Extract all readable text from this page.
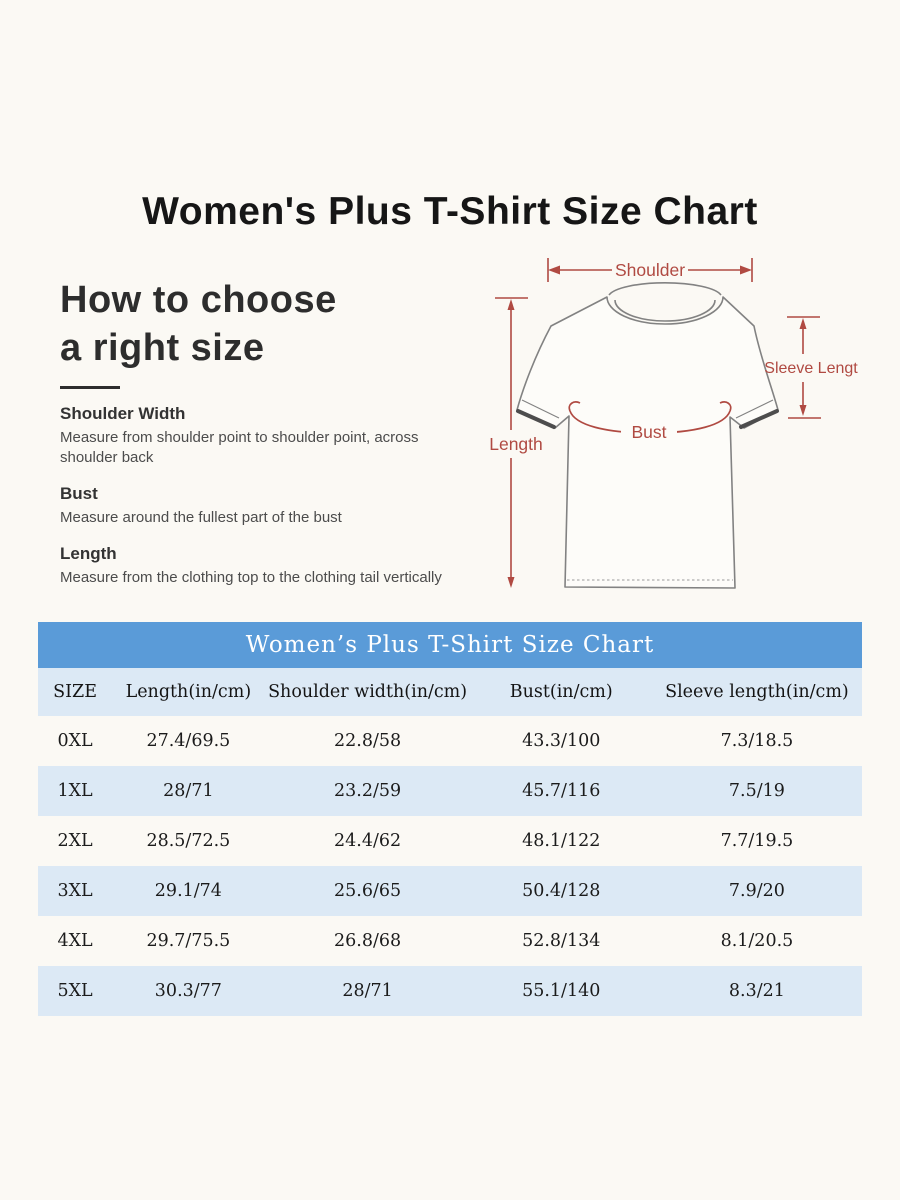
Women's Plus T-Shirt Size Chart
How to choose
a right size
Shoulder Width

Measure from shoulder point to shoulder point, across shoulder back

Bust

Measure around the fullest part of the bust

Length

Measure from the clothing top to the clothing tail vertically

Shoulder
Bust
Length
Sleeve Lengt
Women’s Plus T-Shirt Size Chart
SIZE	Length(in/cm)	Shoulder width(in/cm)	Bust(in/cm)	Sleeve length(in/cm)
0XL	27.4/69.5	22.8/58	43.3/100	7.3/18.5
1XL	28/71	23.2/59	45.7/116	7.5/19
2XL	28.5/72.5	24.4/62	48.1/122	7.7/19.5
3XL	29.1/74	25.6/65	50.4/128	7.9/20
4XL	29.7/75.5	26.8/68	52.8/134	8.1/20.5
5XL	30.3/77	28/71	55.1/140	8.3/21
